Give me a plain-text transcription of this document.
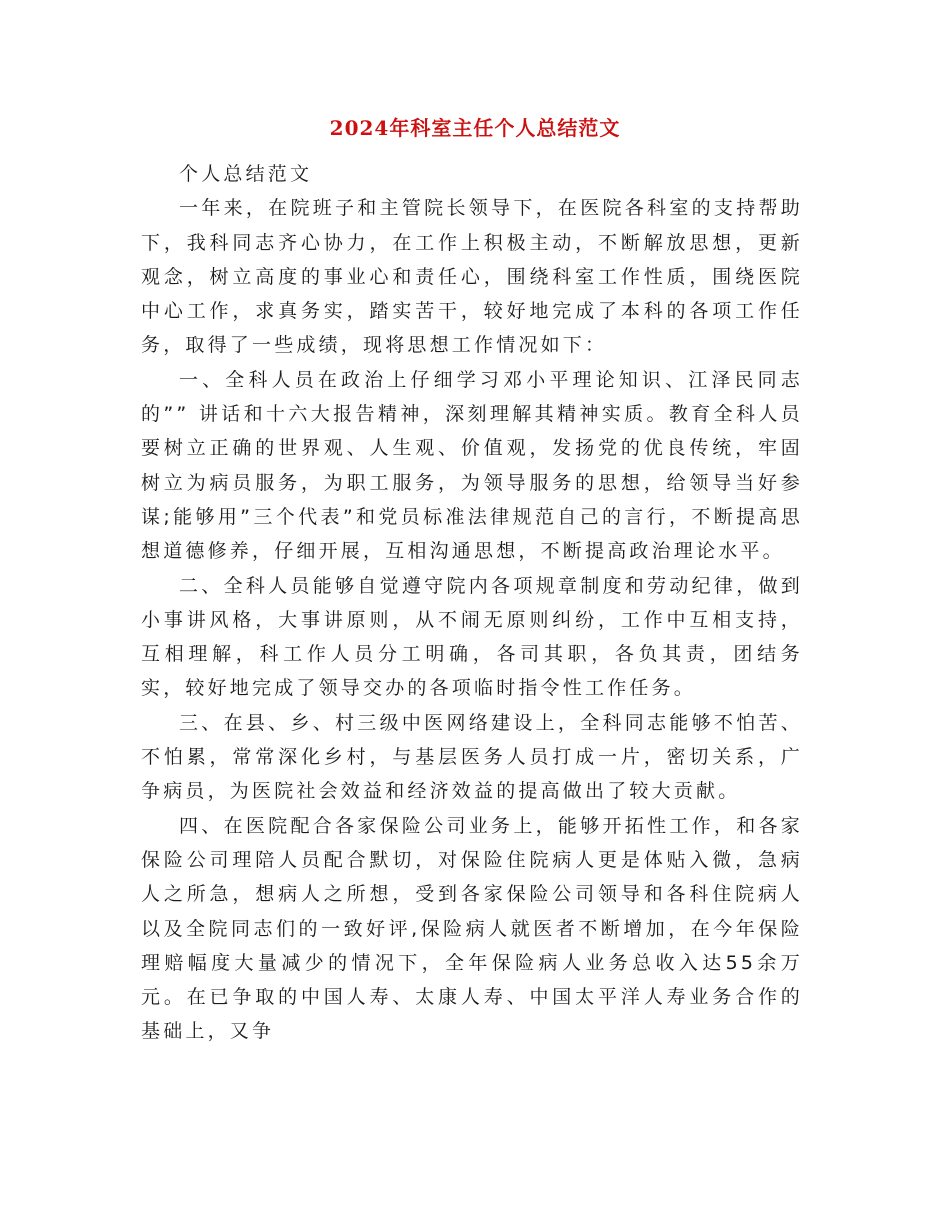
2024年科室主任个人总结范文

个人总结范文

一年来，在院班子和主管院长领导下，在医院各科室的支持帮助下，我科同志齐心协力，在工作上积极主动，不断解放思想，更新观念，树立高度的事业心和责任心，围绕科室工作性质，围绕医院中心工作，求真务实，踏实苦干，较好地完成了本科的各项工作任务，取得了一些成绩，现将思想工作情况如下：

一、全科人员在政治上仔细学习邓小平理论知识、江泽民同志的”” 讲话和十六大报告精神，深刻理解其精神实质。教育全科人员要树立正确的世界观、人生观、价值观，发扬党的优良传统，牢固树立为病员服务，为职工服务，为领导服务的思想，给领导当好参谋;能够用”三个代表”和党员标准法律规范自己的言行，不断提高思想道德修养，仔细开展，互相沟通思想，不断提高政治理论水平。

二、全科人员能够自觉遵守院内各项规章制度和劳动纪律，做到小事讲风格，大事讲原则，从不闹无原则纠纷，工作中互相支持，互相理解，科工作人员分工明确，各司其职，各负其责，团结务实，较好地完成了领导交办的各项临时指令性工作任务。

三、在县、乡、村三级中医网络建设上，全科同志能够不怕苦、不怕累，常常深化乡村，与基层医务人员打成一片，密切关系，广争病员，为医院社会效益和经济效益的提高做出了较大贡献。

四、在医院配合各家保险公司业务上，能够开拓性工作，和各家保险公司理陪人员配合默切，对保险住院病人更是体贴入微，急病人之所急，想病人之所想，受到各家保险公司领导和各科住院病人以及全院同志们的一致好评,保险病人就医者不断增加，在今年保险理赔幅度大量减少的情况下，全年保险病人业务总收入达55余万元。在已争取的中国人寿、太康人寿、中国太平洋人寿业务合作的基础上，又争
